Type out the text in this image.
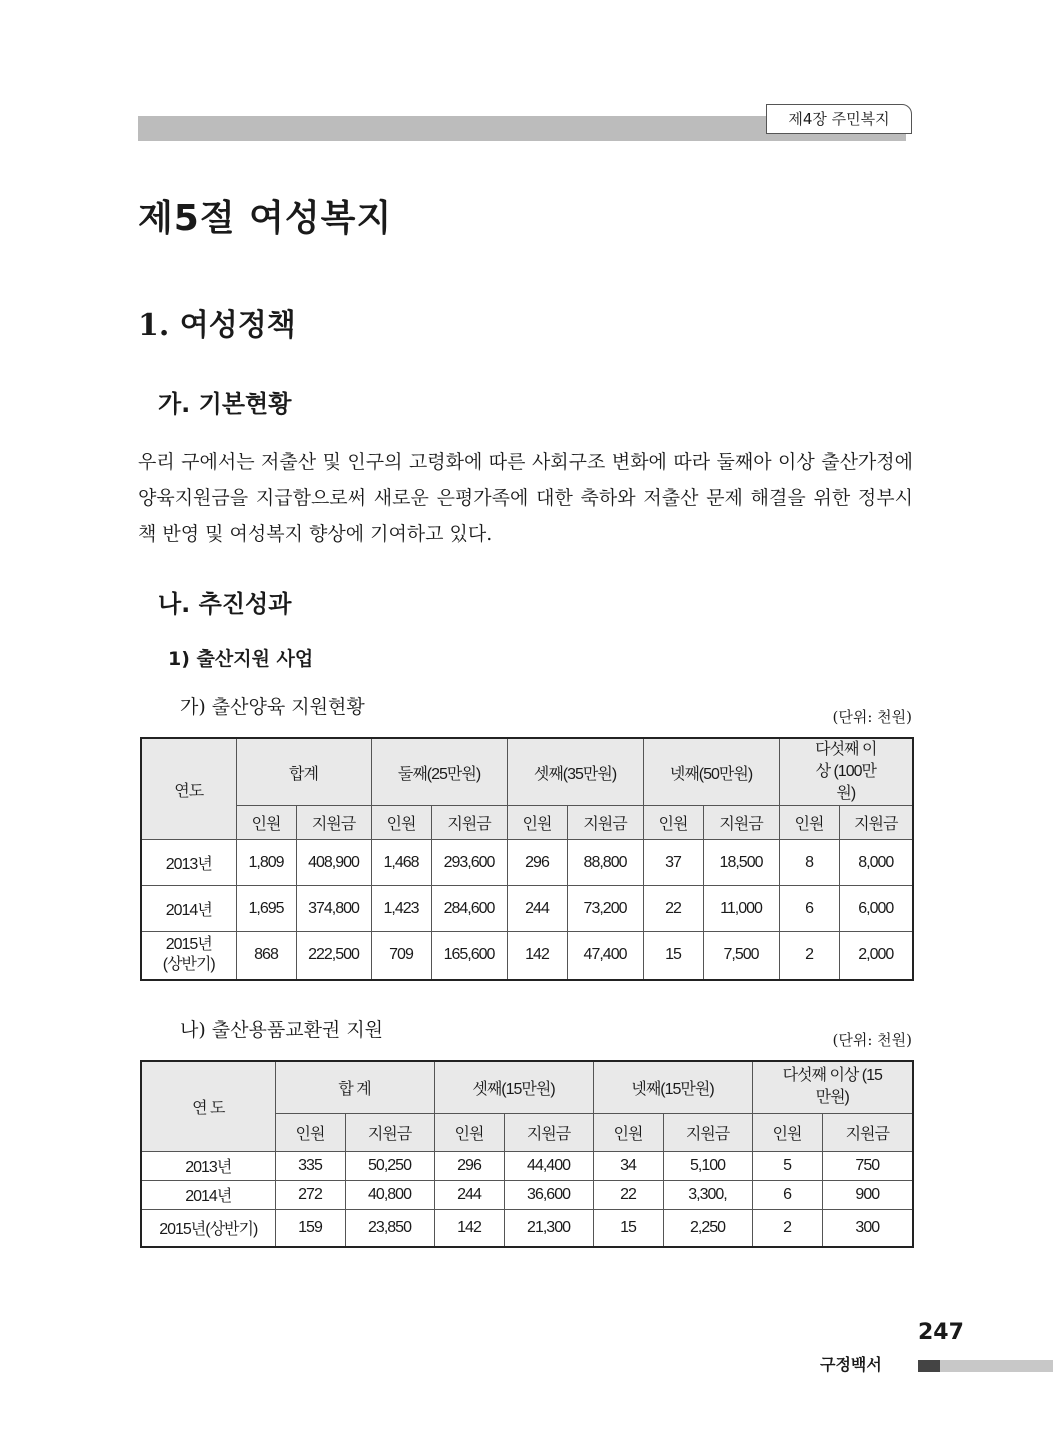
제4장 주민복지
제5절 여성복지
1. 여성정책
가. 기본현황
우리 구에서는 저출산 및 인구의 고령화에 따른 사회구조 변화에 따라 둘째아 이상 출산가정에 양육지원금을 지급함으로써 새로운 은평가족에 대한 축하와 저출산 문제 해결을 위한 정부시책 반영 및 여성복지 향상에 기여하고 있다.
나. 추진성과
1) 출산지원 사업
가) 출산양육 지원현황	(단위: 천원)
연도	합계		둘째(25만원)		셋째(35만원)		넷째(50만원)		다섯째 이상 (100만원)	
	인원	지원금	인원	지원금	인원	지원금	인원	지원금	인원	지원금
2013년	1,809	408,900	1,468	293,600	296	88,800	37	18,500	8	8,000
2014년	1,695	374,800	1,423	284,600	244	73,200	22	11,000	6	6,000
2015년
(상반기)	868	222,500	709	165,600	142	47,400	15	7,500	2	2,000
나) 출산용품교환권 지원	(단위: 천원)
연 도	합 계		셋째(15만원)		넷째(15만원)		다섯째 이상 (15만원)	
	인원	지원금	인원	지원금	인원	지원금	인원	지원금
2013년	335	50,250	296	44,400	34	5,100	5	750
2014년	272	40,800	244	36,600	22	3,300,	6	900
2015년(상반기)	159	23,850	142	21,300	15	2,250	2	300
247
구정백서
